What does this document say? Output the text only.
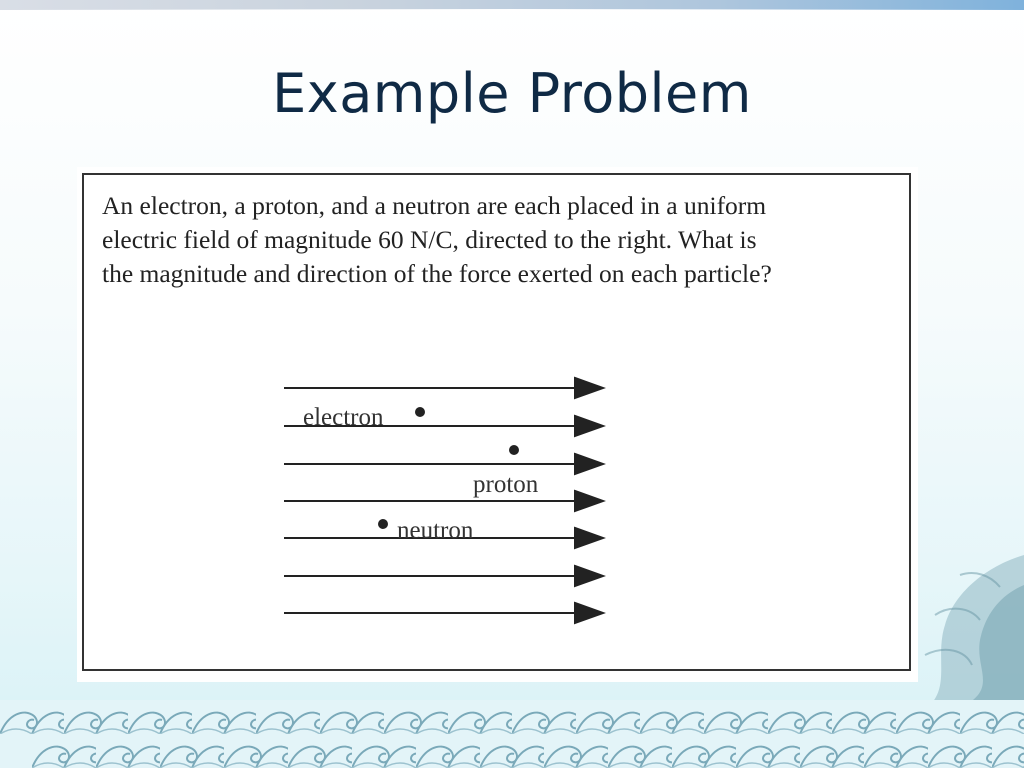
Example Problem
An electron, a proton, and a neutron are each placed in a uniform
electric field of magnitude 60 N/C, directed to the right. What is
the magnitude and direction of the force exerted on each particle?
electron
proton
neutron
